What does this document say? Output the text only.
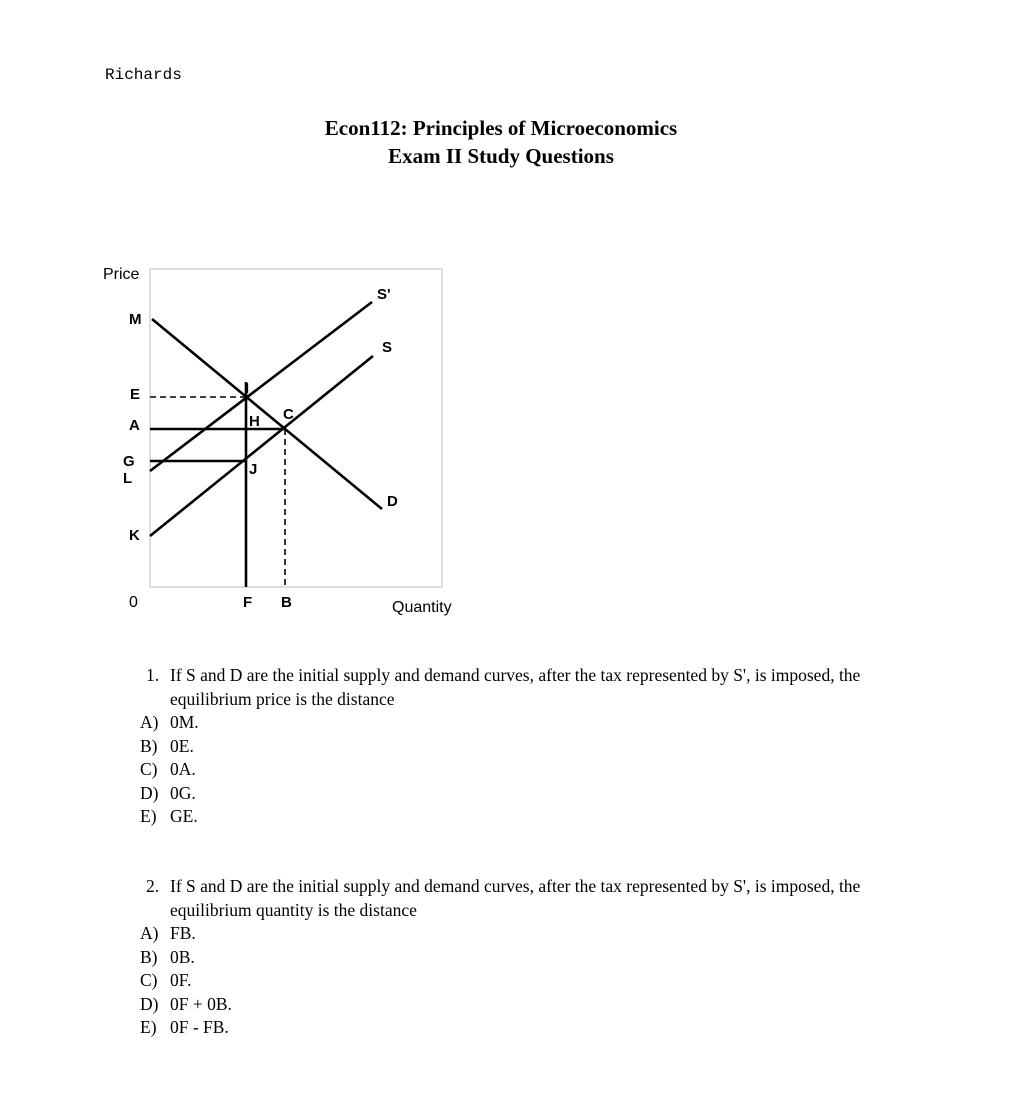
Richards
Econ112: Principles of Microeconomics
Exam II Study Questions
Price
Quantity
0
M
E
A
G
L
K
F B
S'
S
D
I
H C
J
1. If S and D are the initial supply and demand curves, after the tax represented by S', is imposed, the equilibrium price is the distance
A) 0M.
B) 0E.
C) 0A.
D) 0G.
E) GE.
2. If S and D are the initial supply and demand curves, after the tax represented by S', is imposed, the equilibrium quantity is the distance
A) FB.
B) 0B.
C) 0F.
D) 0F + 0B.
E) 0F - FB.
